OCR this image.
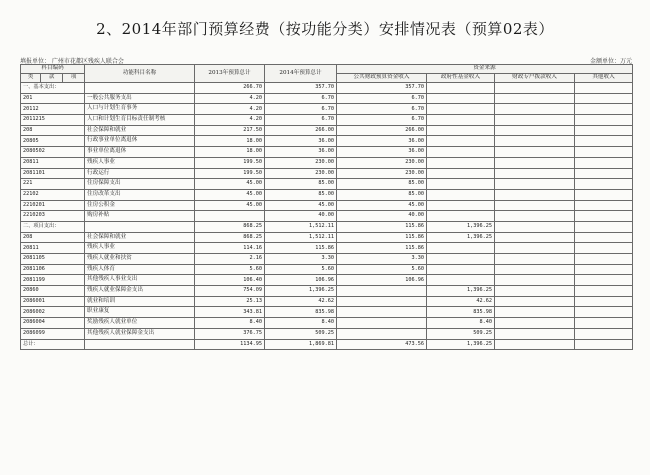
2、2014年部门预算经费（按功能分类）安排情况表（预算02表）
填报单位： 广州市花都区残疾人联合会	金额单位：万元
科目编码			功能科目名称	2013年预算总计	2014年预算总计	资金来源			
类	款	项				公共财政预算资金收入	政府性基金收入	财政专户拨款收入	其他收入

一、基本支出：				266.70	357.70	357.70			
201			一般公共服务支出	4.20	6.70	6.70			
20112			人口与计划生育事务	4.20	6.70	6.70			
2011215			人口和计划生育目标责任制考核	4.20	6.70	6.70			
208			社会保障和就业	217.50	266.00	266.00			
20805			行政事业单位离退休	18.00	36.00	36.00			
2080502			事业单位离退休	18.00	36.00	36.00			
20811			残疾人事业	199.50	230.00	230.00			
2081101			行政运行	199.50	230.00	230.00			
221			住房保障支出	45.00	85.00	85.00			
22102			住房改革支出	45.00	85.00	85.00			
2210201			住房公积金	45.00	45.00	45.00			
2210203			购房补贴		40.00	40.00			
二、项目支出：				868.25	1,512.11	115.86	1,396.25		
208			社会保障和就业	868.25	1,512.11	115.86	1,396.25		
20811			残疾人事业	114.16	115.86	115.86			
2081105			残疾人就业和扶贫	2.16	3.30	3.30			
2081106			残疾人体育	5.60	5.60	5.60			
2081199			其他残疾人事业支出	106.40	106.96	106.96			
20860			残疾人就业保障金支出	754.09	1,396.25		1,396.25		
2086001			就业和培训	25.13	42.62		42.62		
2086002			职业康复	343.81	835.98		835.98		
2086004			奖励残疾人就业单位	8.40	8.40		8.40		
2086099			其他残疾人就业保障金支出	376.75	509.25		509.25		
总计：				1134.95	1,869.81	473.56	1,396.25		
